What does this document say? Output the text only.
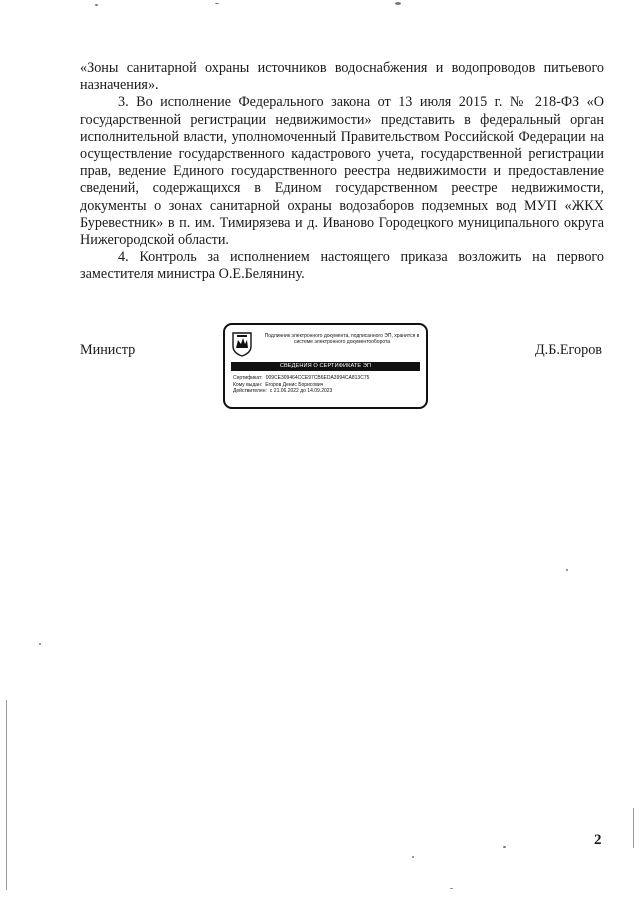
«Зоны санитарной охраны источников водоснабжения и водопроводов питьевого назначения».

3. Во исполнение Федерального закона от 13 июля 2015 г. № 218-ФЗ «О государственной регистрации недвижимости» представить в федеральный орган исполнительной власти, уполномоченный Правительством Российской Федерации на осуществление государственного кадастрового учета, государственной регистрации прав, ведение Единого государственного реестра недвижимости и предоставление сведений, содержащихся в Едином государственном реестре недвижимости, документы о зонах санитарной охраны водозаборов подземных вод МУП «ЖКХ Буревестник» в п. им. Тимирязева и д. Иваново Городецкого муниципального округа Нижегородской области.

4. Контроль за исполнением настоящего приказа возложить на первого заместителя министра О.Е.Белянину.

Министр	Д.Б.Егоров
Подлинник электронного документа, подписанного ЭП, хранится в системе электронного документооборота
СВЕДЕНИЯ О СЕРТИФИКАТЕ ЭП
Сертификат: 009CE309464CCE97CB6EDA3994CA813C75
Кому выдан: Егоров Денис Борисович
Действителен: с 21.06.2022 до 14.09.2023
2
